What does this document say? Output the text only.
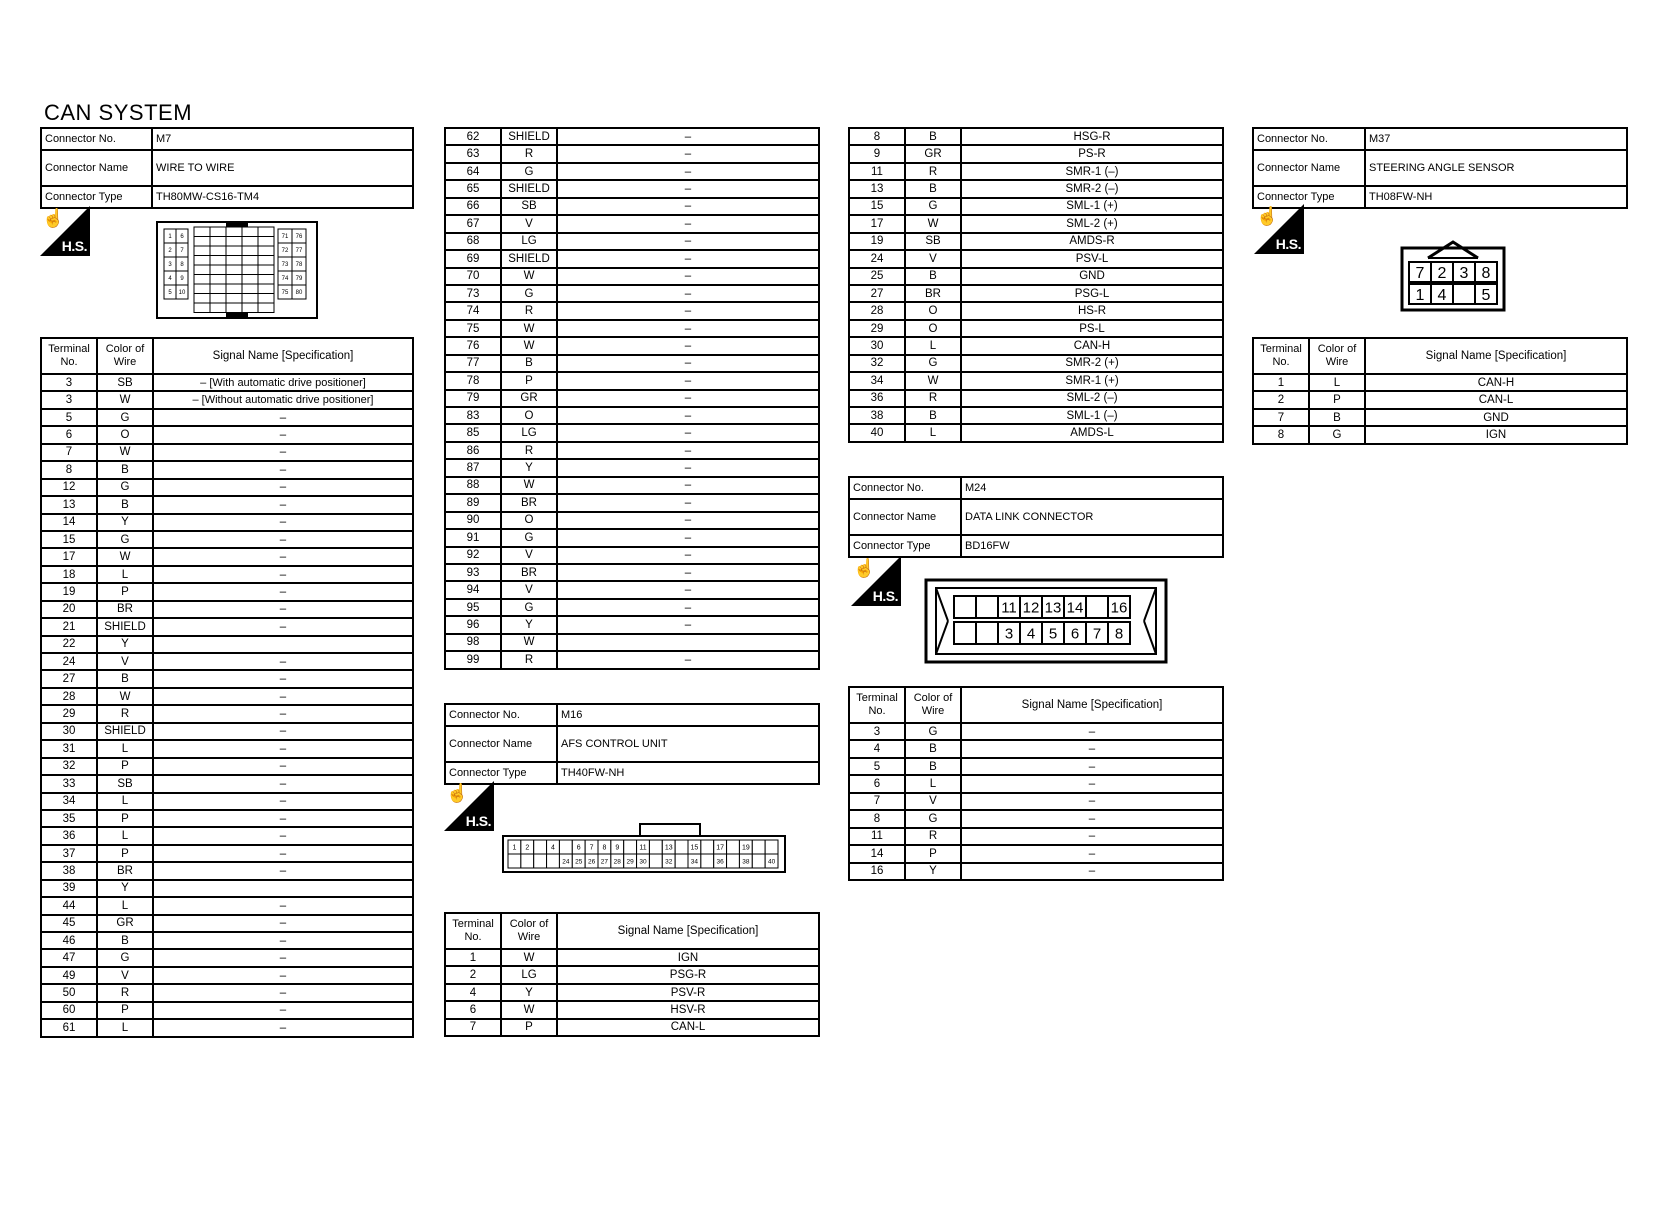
CAN SYSTEM
Connector No.	M7
Connector Name	WIRE TO WIRE
Connector Type	TH80MW-CS16-TM4
☝
H.S.
1 6
2 7
3 8
4 9
5 10
71 76
72 77
73 78
74 79
75 80
Terminal No.	Color of Wire	Signal Name [Specification]
3	SB	– [With automatic drive positioner]
3	W	– [Without automatic drive positioner]
5	G	–
6	O	–
7	W	–
8	B	–
12	G	–
13	B	–
14	Y	–
15	G	–
17	W	–
18	L	–
19	P	–
20	BR	–
21	SHIELD	–
22	Y	
24	V	–
27	B	–
28	W	–
29	R	–
30	SHIELD	–
31	L	–
32	P	–
33	SB	–
34	L	–
35	P	–
36	L	–
37	P	–
38	BR	–
39	Y	
44	L	–
45	GR	–
46	B	–
47	G	–
49	V	–
50	R	–
60	P	–
61	L	–
62	SHIELD	–
63	R	–
64	G	–
65	SHIELD	–
66	SB	–
67	V	–
68	LG	–
69	SHIELD	–
70	W	–
73	G	–
74	R	–
75	W	–
76	W	–
77	B	–
78	P	–
79	GR	–
83	O	–
85	LG	–
86	R	–
87	Y	–
88	W	–
89	BR	–
90	O	–
91	G	–
92	V	–
93	BR	–
94	V	–
95	G	–
96	Y	–
98	W	
99	R	–
Connector No.	M16
Connector Name	AFS CONTROL UNIT
Connector Type	TH40FW-NH
☝
H.S.
1 2	4	6 7 8 9	11	13	15	17	19
24 25 26 27 28 29 30	32	34	36	38	40
Terminal No.	Color of Wire	Signal Name [Specification]
1	W	IGN
2	LG	PSG-R
4	Y	PSV-R
6	W	HSV-R
7	P	CAN-L
8	B	HSG-R
9	GR	PS-R
11	R	SMR-1 (–)
13	B	SMR-2 (–)
15	G	SML-1 (+)
17	W	SML-2 (+)
19	SB	AMDS-R
24	V	PSV-L
25	B	GND
27	BR	PSG-L
28	O	HS-R
29	O	PS-L
30	L	CAN-H
32	G	SMR-2 (+)
34	W	SMR-1 (+)
36	R	SML-2 (–)
38	B	SML-1 (–)
40	L	AMDS-L
Connector No.	M24
Connector Name	DATA LINK CONNECTOR
Connector Type	BD16FW
☝
H.S.
11 12 13 14 16
3 4 5 6 7 8
Terminal No.	Color of Wire	Signal Name [Specification]
3	G	–
4	B	–
5	B	–
6	L	–
7	V	–
8	G	–
11	R	–
14	P	–
16	Y	–
Connector No.	M37
Connector Name	STEERING ANGLE SENSOR
Connector Type	TH08FW-NH
☝
H.S.
7 2 3 8
1 4 5
Terminal No.	Color of Wire	Signal Name [Specification]
1	L	CAN-H
2	P	CAN-L
7	B	GND
8	G	IGN
